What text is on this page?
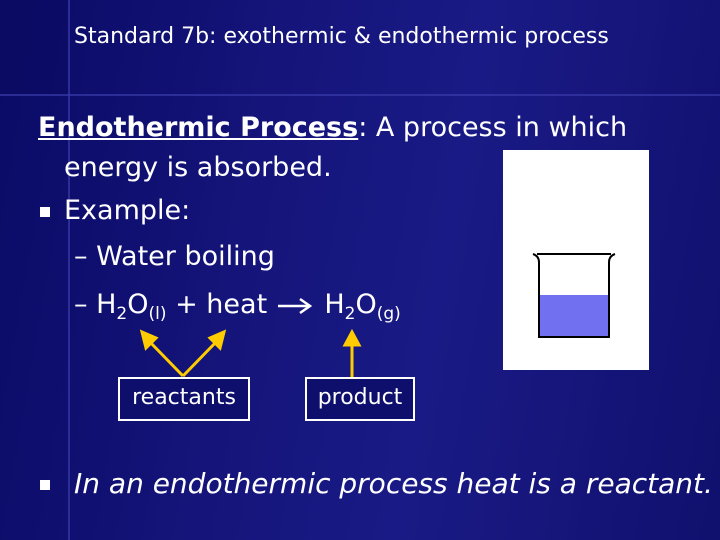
Standard 7b: exothermic & endothermic process
Endothermic Process: A process in which
energy is absorbed.
Example:
– Water boiling
– $H_2O_{(l)}$ + heat → $H_2O_{(g)}$
reactants	product
In an endothermic process heat is a reactant.
